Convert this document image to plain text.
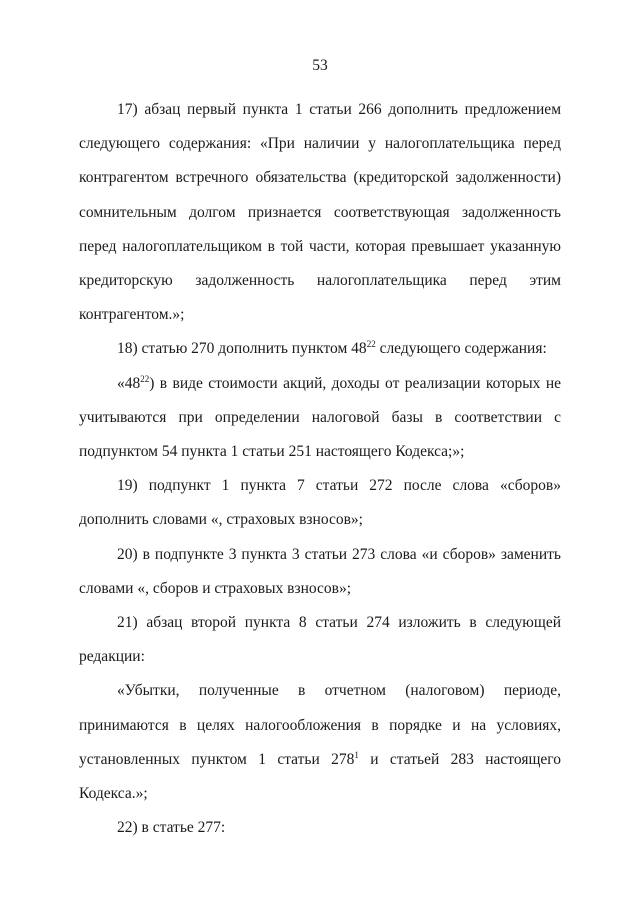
53

17) абзац первый пункта 1 статьи 266 дополнить предложением следующего содержания: «При наличии у налогоплательщика перед контрагентом встречного обязательства (кредиторской задолженности) сомнительным долгом признается соответствующая задолженность перед налогоплательщиком в той части, которая превышает указанную кредиторскую задолженность налогоплательщика перед этим контрагентом.»;

18) статью 270 дополнить пунктом $48^{22}$ следующего содержания:

«$48^{22}$) в виде стоимости акций, доходы от реализации которых не учитываются при определении налоговой базы в соответствии с подпунктом 54 пункта 1 статьи 251 настоящего Кодекса;»;

19) подпункт 1 пункта 7 статьи 272 после слова «сборов» дополнить словами «, страховых взносов»;

20) в подпункте 3 пункта 3 статьи 273 слова «и сборов» заменить словами «, сборов и страховых взносов»;

21) абзац второй пункта 8 статьи 274 изложить в следующей редакции:

«Убытки, полученные в отчетном (налоговом) периоде, принимаются в целях налогообложения в порядке и на условиях, установленных пунктом 1 статьи $278^1$ и статьей 283 настоящего Кодекса.»;

22) в статье 277:
